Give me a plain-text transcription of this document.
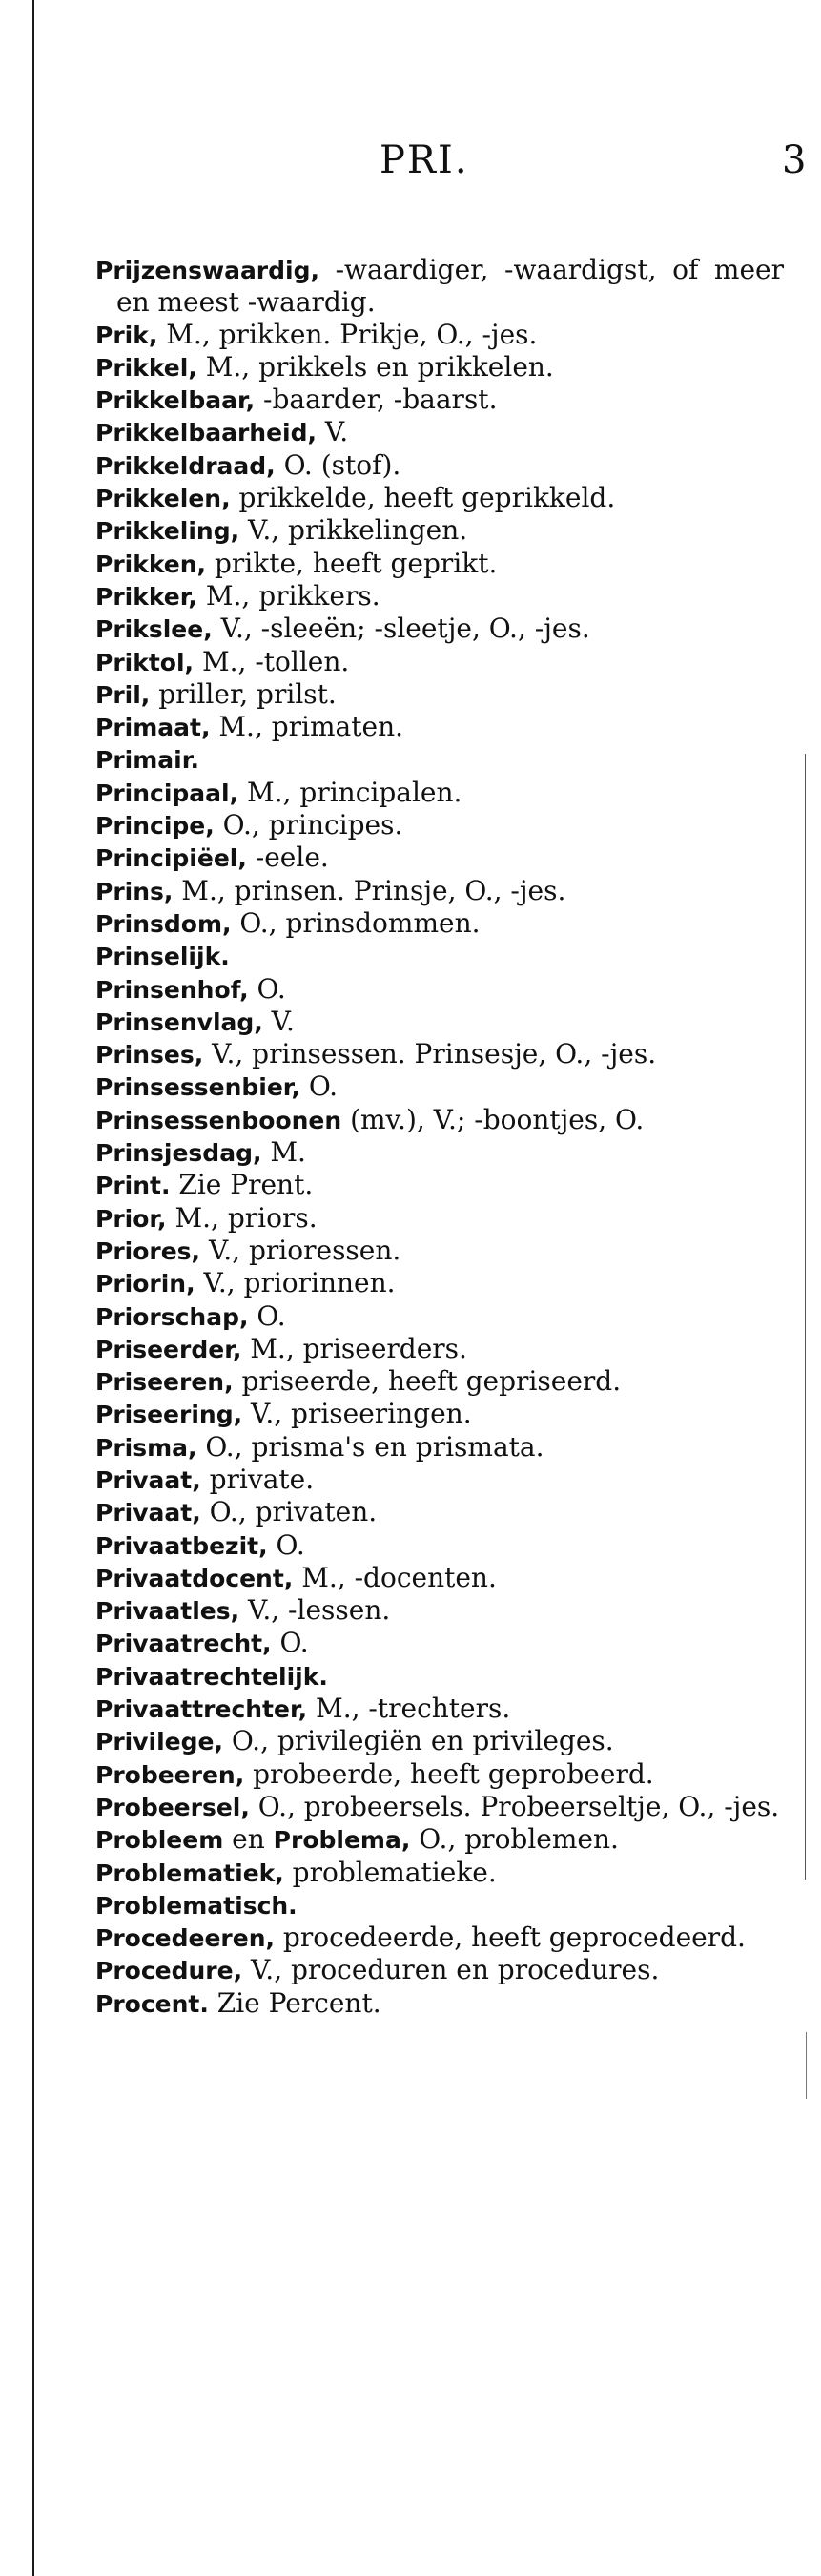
PRI.	3

Prijzenswaardig, -waardiger, -waardigst, of meer en meest -waardig.

Prik, M., prikken. Prikje, O., -jes.

Prikkel, M., prikkels en prikkelen.

Prikkelbaar, -baarder, -baarst.

Prikkelbaarheid, V.

Prikkeldraad, O. (stof).

Prikkelen, prikkelde, heeft geprikkeld.

Prikkeling, V., prikkelingen.

Prikken, prikte, heeft geprikt.

Prikker, M., prikkers.

Prikslee, V., -sleeën; -sleetje, O., -jes.

Priktol, M., -tollen.

Pril, priller, prilst.

Primaat, M., primaten.

Primair.

Principaal, M., principalen.

Principe, O., principes.

Principiëel, -eele.

Prins, M., prinsen. Prinsje, O., -jes.

Prinsdom, O., prinsdommen.

Prinselijk.

Prinsenhof, O.

Prinsenvlag, V.

Prinses, V., prinsessen. Prinsesje, O., -jes.

Prinsessenbier, O.

Prinsessenboonen (mv.), V.; -boontjes, O.

Prinsjesdag, M.

Print. Zie Prent.

Prior, M., priors.

Priores, V., prioressen.

Priorin, V., priorinnen.

Priorschap, O.

Priseerder, M., priseerders.

Priseeren, priseerde, heeft gepriseerd.

Priseering, V., priseeringen.

Prisma, O., prisma's en prismata.

Privaat, private.

Privaat, O., privaten.

Privaatbezit, O.

Privaatdocent, M., -docenten.

Privaatles, V., -lessen.

Privaatrecht, O.

Privaatrechtelijk.

Privaattrechter, M., -trechters.

Privilege, O., privilegiën en privileges.

Probeeren, probeerde, heeft geprobeerd.

Probeersel, O., probeersels. Probeerseltje, O., -jes.

Probleem en Problema, O., problemen.

Problematiek, problematieke.

Problematisch.

Procedeeren, procedeerde, heeft geprocedeerd.

Procedure, V., proceduren en procedures.

Procent. Zie Percent.
